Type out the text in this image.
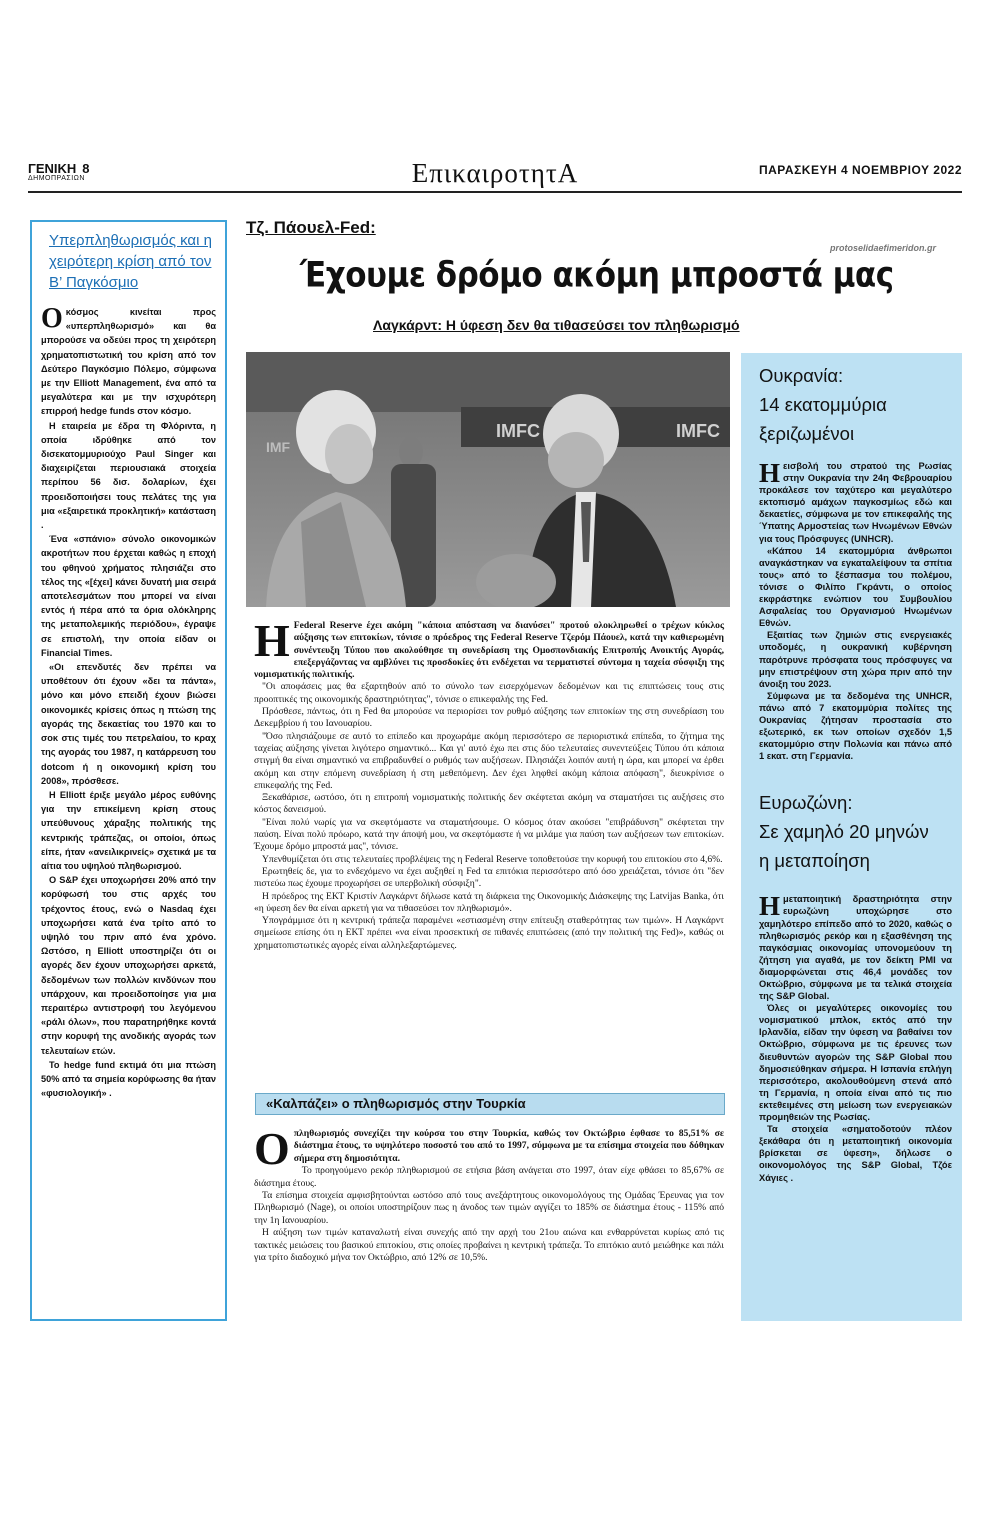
ΓΕΝΙΚΗ 8
ΔΗΜΟΠΡΑΣΙΩΝ	ΕπικαιροτητΑ	ΠΑΡΑΣΚΕΥΗ 4 ΝΟΕΜΒΡΙΟΥ 2022
Υπερπληθωρισμός και η χειρότερη κρίση από τον Β’ Παγκόσμιο

Οκόσμος κινείται προς «υπερπληθωρισμό» και θα μπορούσε να οδεύει προς τη χειρότερη χρηματοπιστωτική του κρίση από τον Δεύτερο Παγκόσμιο Πόλεμο, σύμφωνα με την Elliott Management, ένα από τα μεγαλύτερα και με την ισχυρότερη επιρροή hedge funds στον κόσμο.

Η εταιρεία με έδρα τη Φλόριντα, η οποία ιδρύθηκε από τον δισεκατομμυριούχο Paul Singer και διαχειρίζεται περιουσιακά στοιχεία περίπου 56 δισ. δολαρίων, έχει προειδοποιήσει τους πελάτες της για μια «εξαιρετικά προκλητική» κατάσταση .

Ένα «σπάνιο» σύνολο οικονομικών ακροτήτων που έρχεται καθώς η εποχή του φθηνού χρήματος πλησιάζει στο τέλος της «[έχει] κάνει δυνατή μια σειρά αποτελεσμάτων που μπορεί να είναι εντός ή πέρα από τα όρια ολόκληρης της μεταπολεμικής περιόδου», έγραψε σε επιστολή, την οποία είδαν οι Financial Times.

«Οι επενδυτές δεν πρέπει να υποθέτουν ότι έχουν «δει τα πάντα», μόνο και μόνο επειδή έχουν βιώσει οικονομικές κρίσεις όπως η πτώση της αγοράς της δεκαετίας του 1970 και το σοκ στις τιμές του πετρελαίου, το κραχ της αγοράς του 1987, η κατάρρευση του dotcom ή η οικονομική κρίση του 2008», πρόσθεσε.

Η Elliott έριξε μεγάλο μέρος ευθύνης για την επικείμενη κρίση στους υπεύθυνους χάραξης πολιτικής της κεντρικής τράπεζας, οι οποίοι, όπως είπε, ήταν «ανειλικρινείς» σχετικά με τα αίτια του υψηλού πληθωρισμού.

Ο S&P έχει υποχωρήσει 20% από την κορύφωσή του στις αρχές του τρέχοντος έτους, ενώ ο Nasdaq έχει υποχωρήσει κατά ένα τρίτο από το υψηλό του πριν από ένα χρόνο. Ωστόσο, η Elliott υποστηρίζει ότι οι αγορές δεν έχουν υποχωρήσει αρκετά, δεδομένων των πολλών κινδύνων που υπάρχουν, και προειδοποίησε για μια περαιτέρω αντιστροφή του λεγόμενου «ράλι όλων», που παρατηρήθηκε κοντά στην κορυφή της ανοδικής αγοράς των τελευταίων ετών.

Το hedge fund εκτιμά ότι μια πτώση 50% από τα σημεία κορύφωσης θα ήταν «φυσιολογική» .

Τζ. Πάουελ-Fed:
protoselidaefimeridon.gr
Έχουμε δρόμο ακόμη μπροστά μας
Λαγκάρντ: Η ύφεση δεν θα τιθασεύσει τον πληθωρισμό
IMFC	IMFC
IMF

Η Federal Reserve έχει ακόμη "κάποια απόσταση να διανύσει" προτού ολοκληρωθεί ο τρέχων κύκλος αύξησης των επιτοκίων, τόνισε ο πρόεδρος της Federal Reserve Τζερόμ Πάουελ, κατά την καθιερωμένη συνέντευξη Τύπου που ακολούθησε τη συνεδρίαση της Ομοσπονδιακής Επιτροπής Ανοικτής Αγοράς, επεξεργάζοντας να αμβλύνει τις προσδοκίες ότι ενδέχεται να τερματιστεί σύντομα η ταχεία σύσφιξη της νομισματικής πολιτικής.

"Οι αποφάσεις μας θα εξαρτηθούν από το σύνολο των εισερχόμενων δεδομένων και τις επιπτώσεις τους στις προοπτικές της οικονομικής δραστηριότητας", τόνισε ο επικεφαλής της Fed.

Πρόσθεσε, πάντως, ότι η Fed θα μπορούσε να περιορίσει τον ρυθμό αύξησης των επιτοκίων της στη συνεδρίαση του Δεκεμβρίου ή του Ιανουαρίου.

"Όσο πλησιάζουμε σε αυτό το επίπεδο και προχωράμε ακόμη περισσότερο σε περιοριστικά επίπεδα, το ζήτημα της ταχείας αύξησης γίνεται λιγότερο σημαντικό... Και γι' αυτό έχω πει στις δύο τελευταίες συνεντεύξεις Τύπου ότι κάποια στιγμή θα είναι σημαντικό να επιβραδυνθεί ο ρυθμός των αυξήσεων. Πλησιάζει λοιπόν αυτή η ώρα, και μπορεί να έρθει ακόμη και στην επόμενη συνεδρίαση ή στη μεθεπόμενη. Δεν έχει ληφθεί ακόμη κάποια απόφαση", διευκρίνισε ο επικεφαλής της Fed.

Ξεκαθάρισε, ωστόσο, ότι η επιτροπή νομισματικής πολιτικής δεν σκέφτεται ακόμη να σταματήσει τις αυξήσεις στο κόστος δανεισμού.

"Είναι πολύ νωρίς για να σκεφτόμαστε να σταματήσουμε. Ο κόσμος όταν ακούσει "επιβράδυνση" σκέφτεται την παύση. Είναι πολύ πρόωρο, κατά την άποψή μου, να σκεφτόμαστε ή να μιλάμε για παύση των αυξήσεων των επιτοκίων. Έχουμε δρόμο μπροστά μας", τόνισε.

Υπενθυμίζεται ότι στις τελευταίες προβλέψεις της η Federal Reserve τοποθετούσε την κορυφή του επιτοκίου στο 4,6%.

Ερωτηθείς δε, για το ενδεχόμενο να έχει αυξηθεί η Fed τα επιτόκια περισσότερο από όσο χρειάζεται, τόνισε ότι "δεν πιστεύω πως έχουμε προχωρήσει σε υπερβολική σύσφιξη".

Η πρόεδρος της ΕΚΤ Κριστίν Λαγκάρντ δήλωσε κατά τη διάρκεια της Οικονομικής Διάσκεψης της Latvijas Banka, ότι «η ύφεση δεν θα είναι αρκετή για να τιθασεύσει τον πληθωρισμό».

Υπογράμμισε ότι η κεντρική τράπεζα παραμένει «εστιασμένη στην επίτευξη σταθερότητας των τιμών». Η Λαγκάρντ σημείωσε επίσης ότι η ΕΚΤ πρέπει «να είναι προσεκτική σε πιθανές επιπτώσεις (από την πολιτική της Fed)», καθώς οι χρηματοπιστωτικές αγορές είναι αλληλεξαρτώμενες.

«Καλπάζει» ο πληθωρισμός στην Τουρκία

Οπληθωρισμός συνεχίζει την κούρσα του στην Τουρκία, καθώς τον Οκτώβριο έφθασε το 85,51% σε διάστημα έτους, το υψηλότερο ποσοστό του από το 1997, σύμφωνα με τα επίσημα στοιχεία που δόθηκαν σήμερα στη δημοσιότητα.

Το προηγούμενο ρεκόρ πληθωρισμού σε ετήσια βάση ανάγεται στο 1997, όταν είχε φθάσει το 85,67% σε διάστημα έτους.

Τα επίσημα στοιχεία αμφισβητούνται ωστόσο από τους ανεξάρτητους οικονομολόγους της Ομάδας Έρευνας για τον Πληθωρισμό (Nage), οι οποίοι υποστηρίζουν πως η άνοδος των τιμών αγγίζει το 185% σε διάστημα έτους - 115% από την 1η Ιανουαρίου.

Η αύξηση των τιμών καταναλωτή είναι συνεχής από την αρχή του 21ου αιώνα και ενθαρρύνεται κυρίως από τις τακτικές μειώσεις του βασικού επιτοκίου, στις οποίες προβαίνει η κεντρική τράπεζα. Το επιτόκιο αυτό μειώθηκε και πάλι για τρίτο διαδοχικό μήνα τον Οκτώβριο, από 12% σε 10,5%.

Ουκρανία:
14 εκατομμύρια
ξεριζωμένοι

Ηεισβολή του στρατού της Ρωσίας στην Ουκρανία την 24η Φεβρουαρίου προκάλεσε τον ταχύτερο και μεγαλύτερο εκτοπισμό αμάχων παγκοσμίως εδώ και δεκαετίες, σύμφωνα με τον επικεφαλής της Ύπατης Αρμοστείας των Ηνωμένων Εθνών για τους Πρόσφυγες (UNHCR).

«Κάπου 14 εκατομμύρια άνθρωποι αναγκάστηκαν να εγκαταλείψουν τα σπίτια τους» από το ξέσπασμα του πολέμου, τόνισε ο Φιλίπο Γκράντι, ο οποίος εκφράστηκε ενώπιον του Συμβουλίου Ασφαλείας του Οργανισμού Ηνωμένων Εθνών.

Εξαιτίας των ζημιών στις ενεργειακές υποδομές, η ουκρανική κυβέρνηση παρότρυνε πρόσφατα τους πρόσφυγες να μην επιστρέψουν στη χώρα πριν από την άνοιξη του 2023.

Σύμφωνα με τα δεδομένα της UNHCR, πάνω από 7 εκατομμύρια πολίτες της Ουκρανίας ζήτησαν προστασία στο εξωτερικό, εκ των οποίων σχεδόν 1,5 εκατομμύριο στην Πολωνία και πάνω από 1 εκατ. στη Γερμανία.

Ευρωζώνη:
Σε χαμηλό 20 μηνών
η μεταποίηση

Ημεταποιητική δραστηριότητα στην ευρωζώνη υποχώρησε στο χαμηλότερο επίπεδο από το 2020, καθώς ο πληθωρισμός ρεκόρ και η εξασθένηση της παγκόσμιας οικονομίας υπονομεύουν τη ζήτηση για αγαθά, με τον δείκτη PMI να διαμορφώνεται στις 46,4 μονάδες τον Οκτώβριο, σύμφωνα με τα τελικά στοιχεία της S&P Global.

Όλες οι μεγαλύτερες οικονομίες του νομισματικού μπλοκ, εκτός από την Ιρλανδία, είδαν την ύφεση να βαθαίνει τον Οκτώβριο, σύμφωνα με τις έρευνες των διευθυντών αγορών της S&P Global που δημοσιεύθηκαν σήμερα. Η Ισπανία επλήγη περισσότερο, ακολουθούμενη στενά από τη Γερμανία, η οποία είναι από τις πιο εκτεθειμένες στη μείωση των ενεργειακών προμηθειών της Ρωσίας.

Τα στοιχεία «σηματοδοτούν πλέον ξεκάθαρα ότι η μεταποιητική οικονομία βρίσκεται σε ύφεση», δήλωσε ο οικονομολόγος της S&P Global, Τζόε Χάγιες .
